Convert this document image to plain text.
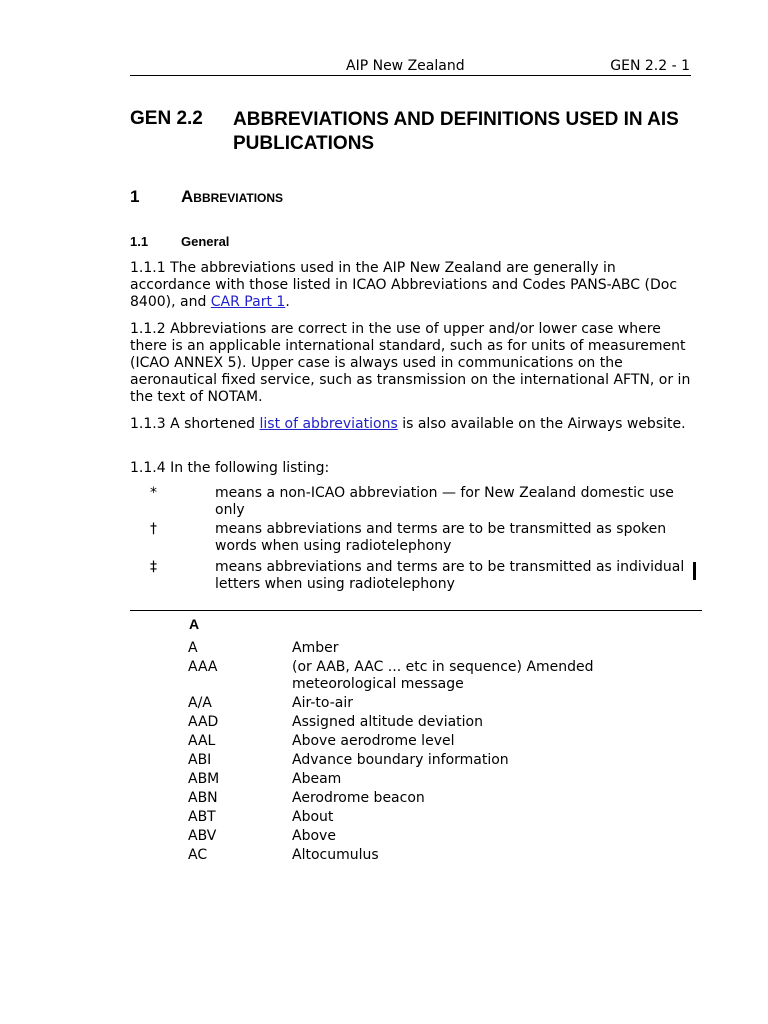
AIP New Zealand	GEN 2.2 - 1
GEN 2.2 ABBREVIATIONS AND DEFINITIONS USED IN AIS PUBLICATIONS
1 Abbreviations
1.1	General
1.1.1 The abbreviations used in the AIP New Zealand are generally in accordance with those listed in ICAO Abbreviations and Codes PANS-ABC (Doc 8400), and CAR Part 1.
1.1.2 Abbreviations are correct in the use of upper and/or lower case where there is an applicable international standard, such as for units of measurement (ICAO ANNEX 5). Upper case is always used in communications on the aeronautical fixed service, such as transmission on the international AFTN, or in the text of NOTAM.
1.1.3 A shortened list of abbreviations is also available on the Airways website.
1.1.4 In the following listing:
*	means a non-ICAO abbreviation — for New Zealand domestic use only
†	means abbreviations and terms are to be transmitted as spoken words when using radiotelephony
‡	means abbreviations and terms are to be transmitted as individual letters when using radiotelephony
A
A	Amber
AAA	(or AAB, AAC ... etc in sequence) Amended meteorological message
A/A	Air-to-air
AAD	Assigned altitude deviation
AAL	Above aerodrome level
ABI	Advance boundary information
ABM	Abeam
ABN	Aerodrome beacon
ABT	About
ABV	Above
AC	Altocumulus
